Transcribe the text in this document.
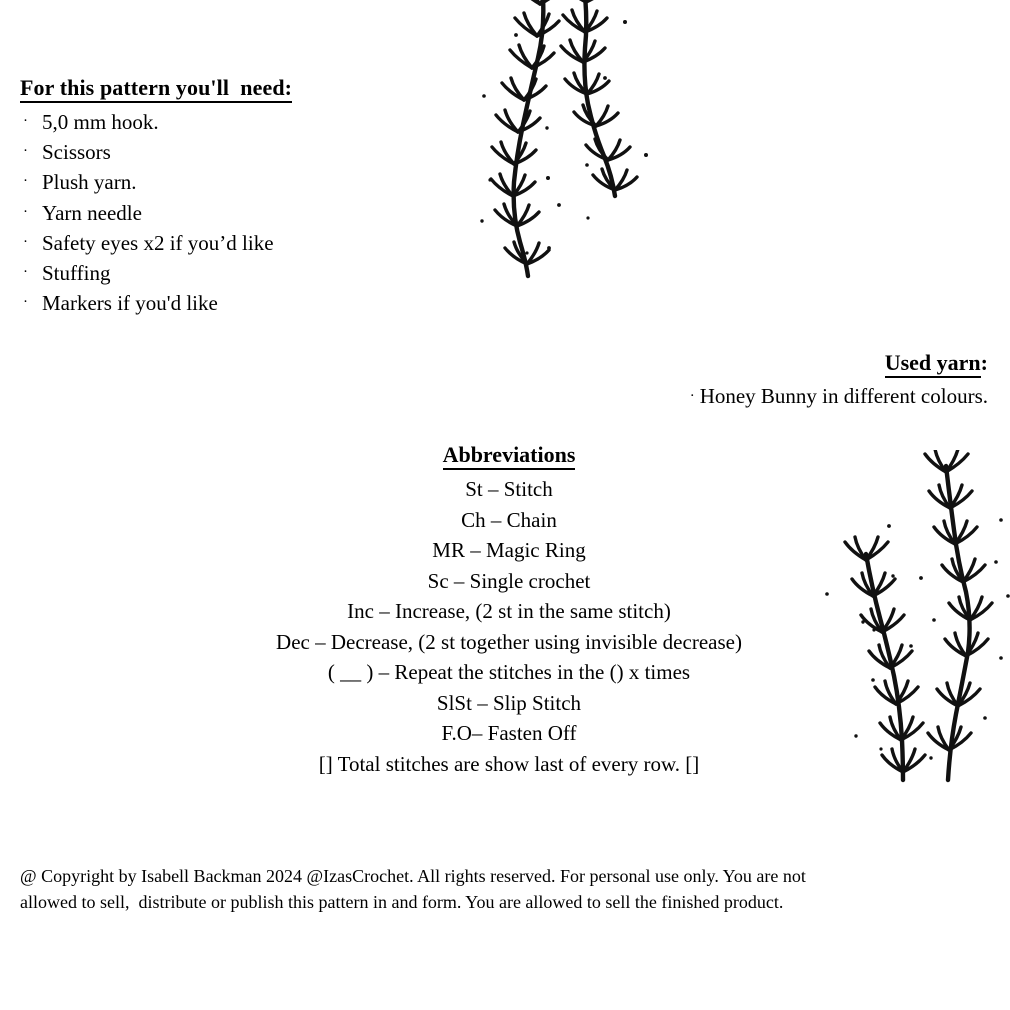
For this pattern you'll  need:
· 5,0 mm hook.
· Scissors
· Plush yarn.
· Yarn needle
· Safety eyes x2 if you’d like
· Stuffing
· Markers if you'd like
Used yarn:
· Honey Bunny in different colours.
Abbreviations
St – Stitch
Ch – Chain
MR – Magic Ring
Sc – Single crochet
Inc – Increase, (2 st in the same stitch)
Dec – Decrease, (2 st together using invisible decrease)
( __ ) – Repeat the stitches in the () x times
SlSt – Slip Stitch
F.O– Fasten Off
[] Total stitches are show last of every row. []
@ Copyright by Isabell Backman 2024 @IzasCrochet. All rights reserved. For personal use only. You are not
allowed to sell,  distribute or publish this pattern in and form. You are allowed to sell the finished product.
